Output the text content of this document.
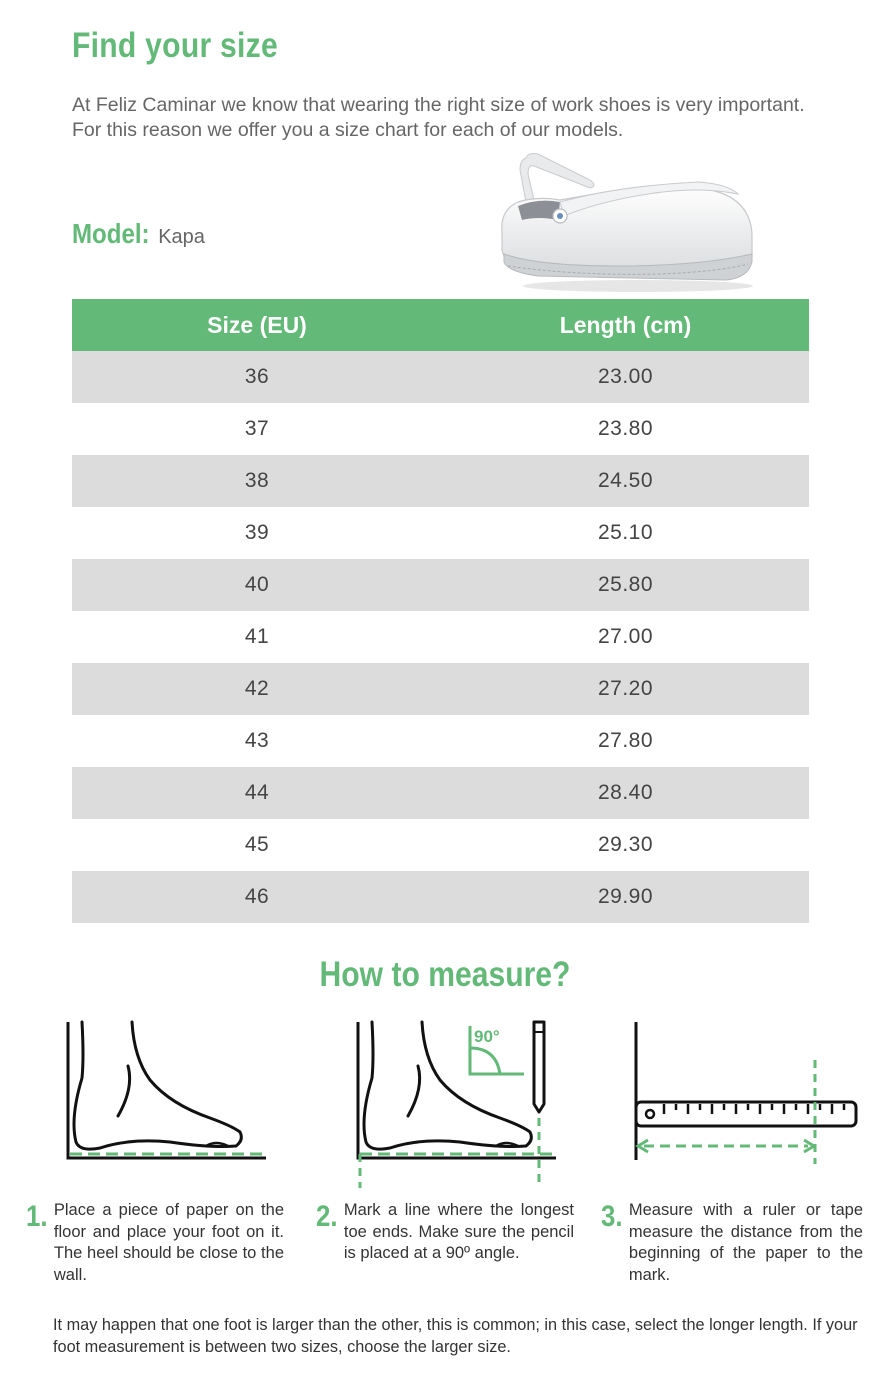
Find your size

At Feliz Caminar we know that wearing the right size of work shoes is very important. For this reason we offer you a size chart for each of our models.

Model: Kapa
Size (EU)	Length (cm)
36	23.00
37	23.80
38	24.50
39	25.10
40	25.80
41	27.00
42	27.20
43	27.80
44	28.40
45	29.30
46	29.90
How to measure?
90°
1. Place a piece of paper on the floor and place your foot on it. The heel should be close to the wall.

2. Mark a line where the longest toe ends. Make sure the pencil is placed at a 90º angle.

3. Measure with a ruler or tape measure the distance from the beginning of the paper to the mark.

It may happen that one foot is larger than the other, this is common; in this case, select the longer length. If your foot measurement is between two sizes, choose the larger size.
